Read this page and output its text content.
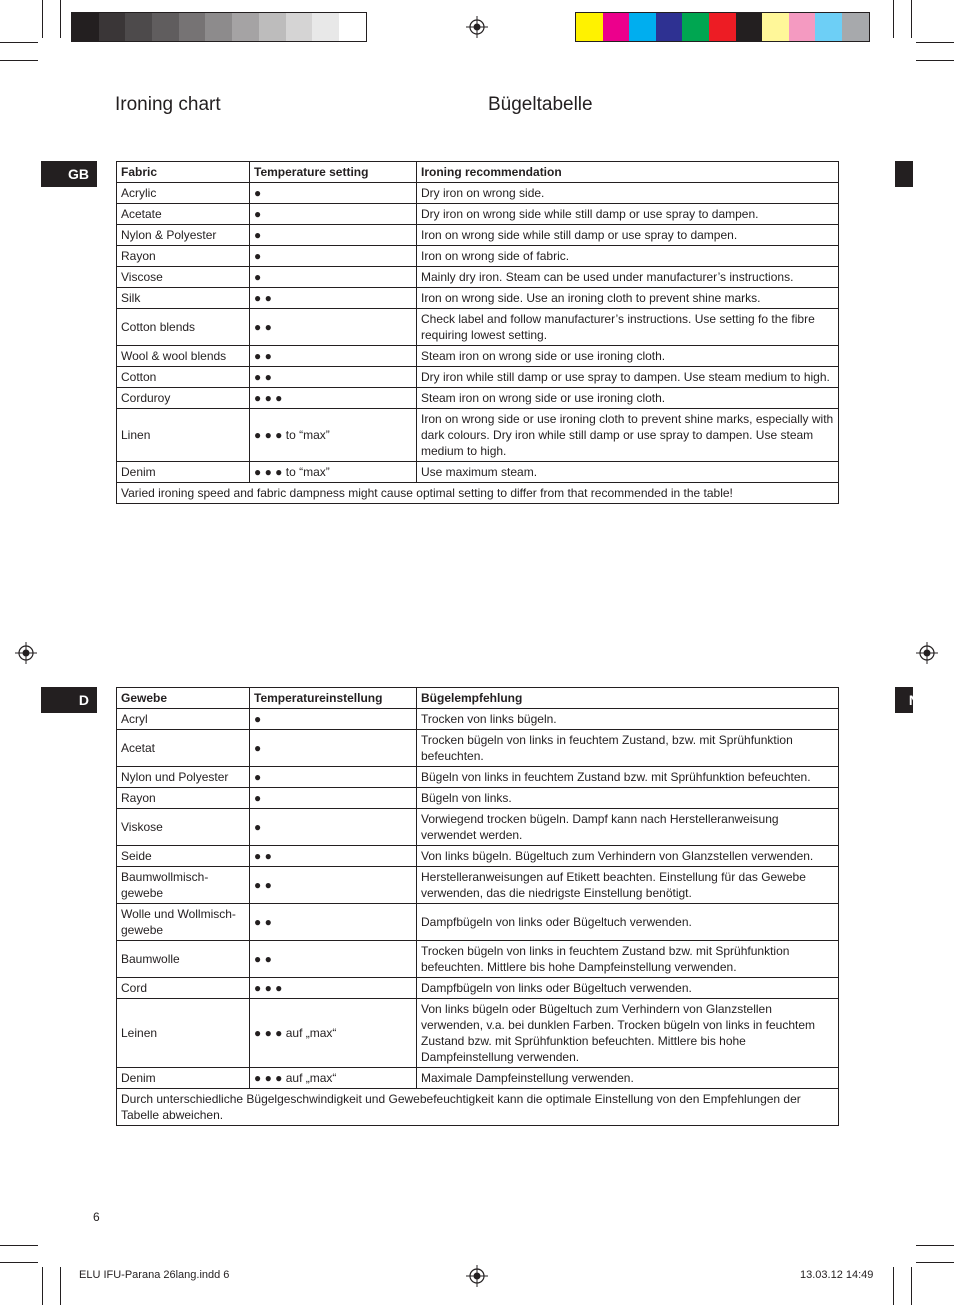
Ironing chart	Bügeltabelle
GB
D	N
Fabric	Temperature setting	Ironing recommendation
Acrylic	●	Dry iron on wrong side.
Acetate	●	Dry iron on wrong side while still damp or use spray to dampen.
Nylon & Polyester	●	Iron on wrong side while still damp or use spray to dampen.
Rayon	●	Iron on wrong side of fabric.
Viscose	●	Mainly dry iron. Steam can be used under manufacturer’s instructions.
Silk	● ●	Iron on wrong side. Use an ironing cloth to prevent shine marks.
Cotton blends	● ●	Check label and follow manufacturer’s instructions. Use setting fo the fibre requiring lowest setting.
Wool & wool blends	● ●	Steam iron on wrong side or use ironing cloth.
Cotton	● ●	Dry iron while still damp or use spray to dampen. Use steam medium to high.
Corduroy	● ● ●	Steam iron on wrong side or use ironing cloth.
Linen	● ● ● to “max”	Iron on wrong side or use ironing cloth to prevent shine marks, especially with dark colours. Dry iron while still damp or use spray to dampen. Use steam medium to high.
Denim	● ● ● to “max”	Use maximum steam.
Varied ironing speed and fabric dampness might cause optimal setting to differ from that recommended in the table!		
Gewebe	Temperatureinstellung	Bügelempfehlung
Acryl	●	Trocken von links bügeln.
Acetat	●	Trocken bügeln von links in feuchtem Zustand, bzw. mit Sprühfunktion befeuchten.
Nylon und Polyester	●	Bügeln von links in feuchtem Zustand bzw. mit Sprühfunktion befeuchten.
Rayon	●	Bügeln von links.
Viskose	●	Vorwiegend trocken bügeln. Dampf kann nach Herstelleranweisung verwendet werden.
Seide	● ●	Von links bügeln. Bügeltuch zum Verhindern von Glanzstellen verwenden.
Baumwollmisch-gewebe	● ●	Herstelleranweisungen auf Etikett beachten. Einstellung für das Gewebe verwenden, das die niedrigste Einstellung benötigt.
Wolle und Wollmisch-gewebe	● ●	Dampfbügeln von links oder Bügeltuch verwenden.
Baumwolle	● ●	Trocken bügeln von links in feuchtem Zustand bzw. mit Sprühfunktion befeuchten. Mittlere bis hohe Dampfeinstellung verwenden.
Cord	● ● ●	Dampfbügeln von links oder Bügeltuch verwenden.
Leinen	● ● ● auf „max“	Von links bügeln oder Bügeltuch zum Verhindern von Glanzstellen verwenden, v.a. bei dunklen Farben. Trocken bügeln von links in feuchtem Zustand bzw. mit Sprühfunktion befeuchten. Mittlere bis hohe Dampfeinstellung verwenden.
Denim	● ● ● auf „max“	Maximale Dampfeinstellung verwenden.
Durch unterschiedliche Bügelgeschwindigkeit und Gewebefeuchtigkeit kann die optimale Einstellung von den Empfehlungen der Tabelle abweichen.		
6
ELU IFU-Parana 26lang.indd 6	13.03.12 14:49
